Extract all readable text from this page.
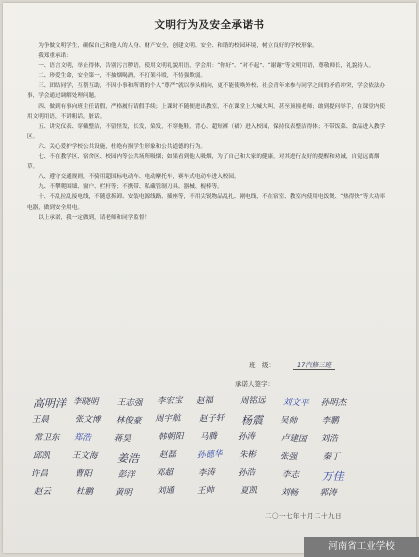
文明行为及安全承诺书

为争做文明学生，确保自己和他人的人身、财产安全，创建文明、安全、和谐的校园环境，树立良好的学校形象。

我郑重承诺：

一、语言文明，举止得体，告别污言秽语，使用文明礼貌用语，学会用：“你好”、“对不起”、“谢谢”等文明用语，尊敬师长，礼貌待人。

二、珍爱生命，安全第一，不抽烟喝酒，不打架斗殴，不恃强欺弱。

三、团结同学，互帮互助，不因小事和所谓的个人“尊严”就以拳头相向，更不能使唤外校、社会青年来参与同学之间的矛盾冲突，学会依法办事，学会通过调解处理问题。

四、做到有事向班主任请假，严格履行请假手续；上课时不随便进出教室，不在课堂上大喊大叫，甚至顶撞老师；敢到提问举手，在课堂内使用文明用语，不讲粗话，脏话。

五、讲究仪表、穿戴整洁，不留怪发，长发，染发，不穿拖鞋，背心、超短裤（裙）进入校园，保持仪表整洁得体；不带饭菜、食品进入教学区。

六、关心爱护学校公共设施，杜绝有损学生形象和公共道德的行为。

七、不在教学区、宿舍区、校园内等公共场所吸烟；如果看到他人吸烟，为了自己和大家的健康，对其进行友好的提醒和劝诫，自觉远离烟草。

八、遵守交通规则，不骑用超国标电动车、电动摩托车，赛车式电动车进入校园。

九、不攀爬围墙、窗户、栏杆等；不携带、私藏管制刀具、器械、棍棒等。

十、不乱拉乱接电线，不随意拆卸、安装电源线路、插座等，不用尖锐物品乱扎、剐电线，不在宿室、教室内使用电饭煲、“热得快”等大功率电器，做到安全用电。

以上承诺，我一定做到，请老师和同学监督！

班　级：	17汽修三班
承诺人签字：
高明洋 李晓明 王志强 李宏宝 赵福	周铭远 刘文平 孙明杰
王晨	张文博 林俊豪 周宇航 赵子轩 杨震 吴帅	李鹏
常卫东 郑浩	蒋昊	韩朝阳 马腾 孙涛	卢建国 刘浩
邱凯	王文海 姜浩 赵磊 孙德华 朱彬	张强	秦丁
许昌	曹阳	彭洋 邓超	李涛	孙浩	李志 万佳
赵云	杜鹏 黄明	刘通	王帅	夏凯	刘畅	郭涛
二〇一七年十月二十九日
河南省工业学校
